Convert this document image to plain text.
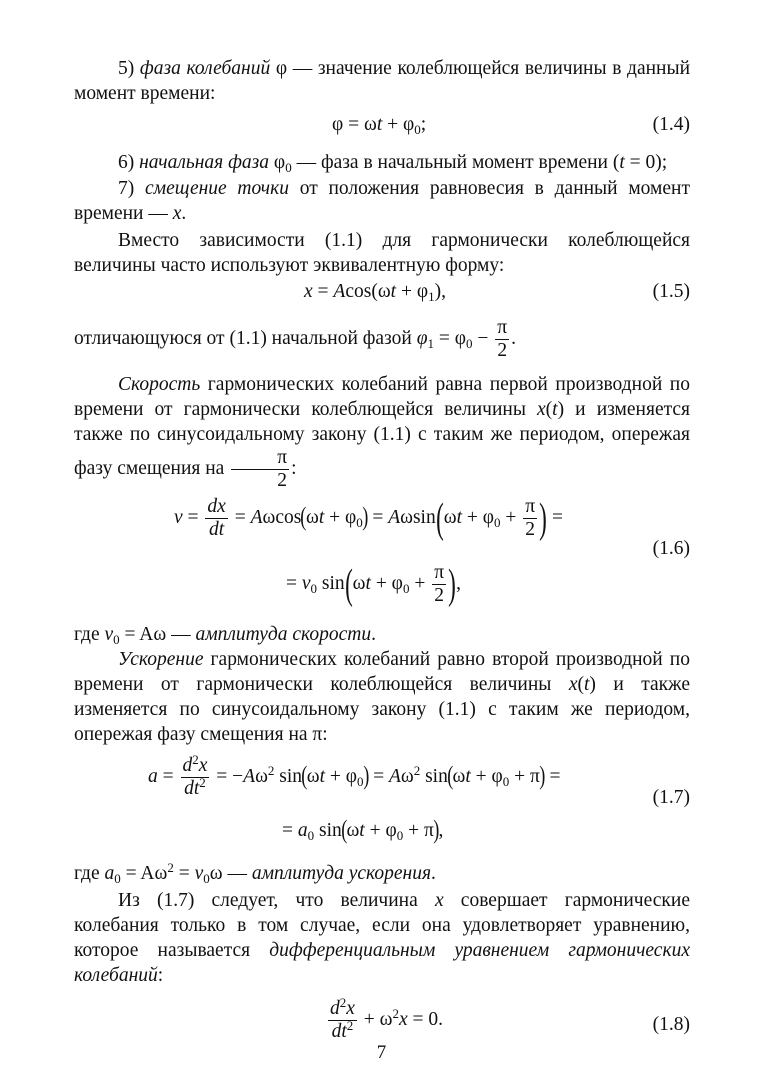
5) фаза колебаний φ — значение колеблющейся величины в данный момент времени:

$\varphi = \omega t + \varphi_0$;	(1.4)

6) начальная фаза $\varphi_0$ — фаза в начальный момент времени (t = 0);

7) смещение точки от положения равновесия в данный момент времени — x.

Вместо зависимости (1.1) для гармонически колеблющейся величины часто используют эквивалентную форму:

$x = Acos(\omega t + \varphi_1)$,	(1.5)

отличающуюся от (1.1) начальной фазой $\varphi_1 = \varphi_0 - \frac{\pi}{2}$ .

Скорость гармонических колебаний равна первой производной по времени от гармонически колеблющейся величины x(t) и изменяется также по синусоидальному закону (1.1) с таким же периодом, опережая фазу смещения на $\frac{\pi}{2}$ :

$v = \frac{dx}{dt} = A\omega\cos(\omega t + \varphi_0) = A\omega\sin(\omega t + \varphi_0 + \frac{\pi}{2}$ ) =
= $v_0$ $\sin(\omega t + \varphi_0 + \frac{\pi}{2}$ ),
(1.6)

где $v_0 = A\omega$ — амплитуда скорости.

Ускорение гармонических колебаний равно второй производной по времени от гармонически колеблющейся величины x(t) и также изменяется по синусоидальному закону (1.1) с таким же периодом, опережая фазу смещения на π:

$a = \frac{d^2x}{dt^2} = -A\omega^2$ $\sin(\omega t + \varphi_0) = A\omega^2$ $\sin(\omega t + \varphi_0 + \pi)$ =
= $a_0$ $\sin(\omega t + \varphi_0 + \pi)$,
(1.7)

где $a_0 = A\omega^2 = v_0\omega$ — амплитуда ускорения.

Из (1.7) следует, что величина x совершает гармонические колебания только в том случае, если она удовлетворяет уравнению, которое называется дифференциальным уравнением гармонических колебаний:

$\frac{d^2x}{dt^2} + \omega^2x = 0$.	(1.8)
7
